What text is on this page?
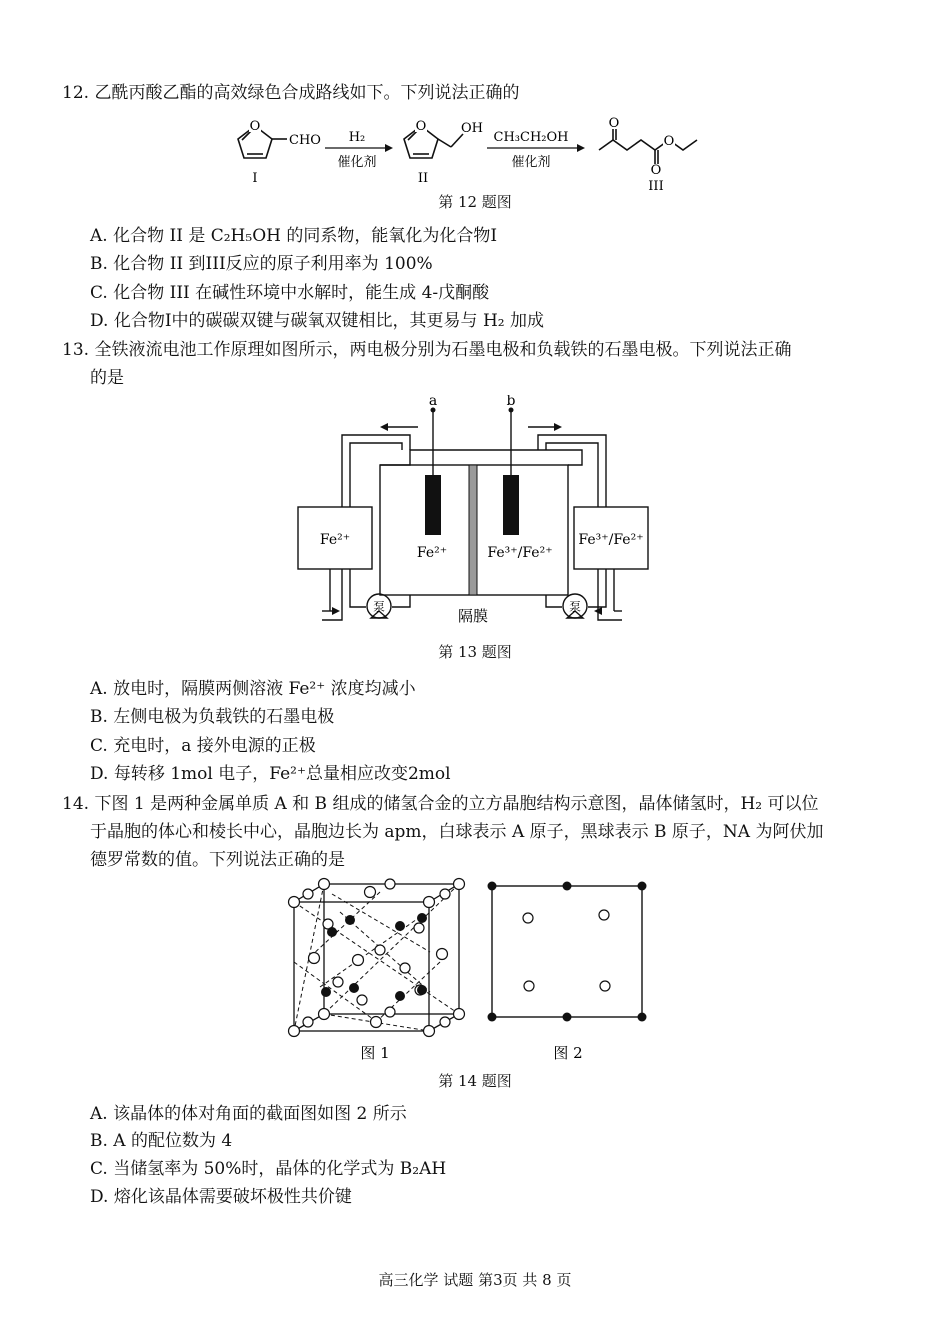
12. 乙酰丙酸乙酯的高效绿色合成路线如下。下列说法正确的
O
CHO
I
H₂
催化剂
O	OH
II
CH₃CH₂OH
催化剂
O
O
O
III
第 12 题图
A. 化合物 II 是 C₂H₅OH 的同系物，能氧化为化合物I
B. 化合物 II 到III反应的原子利用率为 100%
C. 化合物 III 在碱性环境中水解时，能生成 4-戊酮酸
D. 化合物I中的碳碳双键与碳氧双键相比，其更易与 H₂ 加成
13. 全铁液流电池工作原理如图所示，两电极分别为石墨电极和负载铁的石墨电极。下列说法正确
的是
a	b
Fe²⁺
Fe²⁺	Fe³⁺/Fe²⁺
Fe³⁺/Fe²⁺
泵	泵
隔膜
第 13 题图
A. 放电时，隔膜两侧溶液 Fe²⁺ 浓度均减小
B. 左侧电极为负载铁的石墨电极
C. 充电时，a 接外电源的正极
D. 每转移 1mol 电子，Fe²⁺总量相应改变2mol
14. 下图 1 是两种金属单质 A 和 B 组成的储氢合金的立方晶胞结构示意图，晶体储氢时，H₂ 可以位
于晶胞的体心和棱长中心，晶胞边长为 apm，白球表示 A 原子，黑球表示 B 原子，NA 为阿伏加
德罗常数的值。下列说法正确的是
图 1	图 2
第 14 题图
A. 该晶体的体对角面的截面图如图 2 所示
B. A 的配位数为 4
C. 当储氢率为 50%时，晶体的化学式为 B₂AH
D. 熔化该晶体需要破坏极性共价键
高三化学 试题 第3页 共 8 页
